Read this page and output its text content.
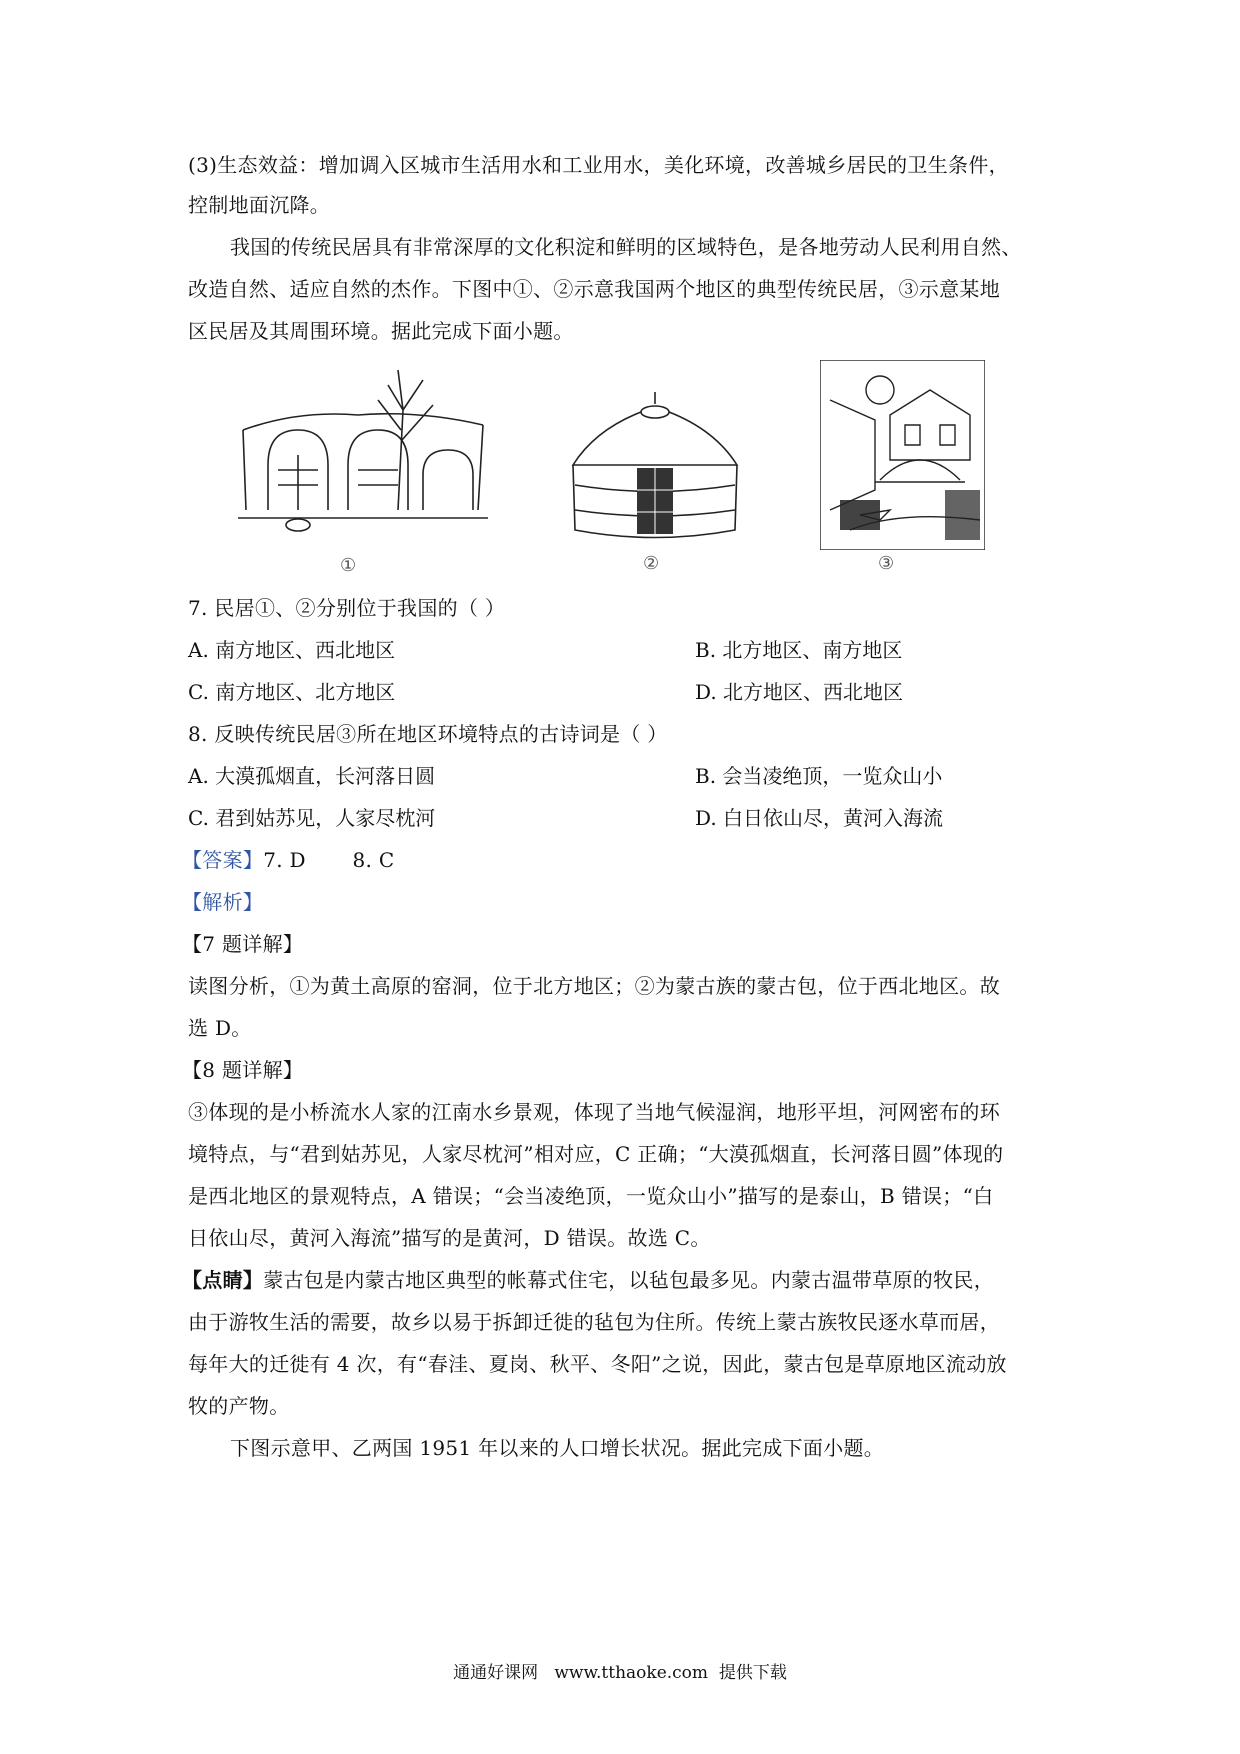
(3)生态效益：增加调入区城市生活用水和工业用水，美化环境，改善城乡居民的卫生条件，
控制地面沉降。
我国的传统民居具有非常深厚的文化积淀和鲜明的区域特色，是各地劳动人民利用自然、
改造自然、适应自然的杰作。下图中①、②示意我国两个地区的典型传统民居，③示意某地
区民居及其周围环境。据此完成下面小题。
①	②	③
7. 民居①、②分别位于我国的（ ）
A. 南方地区、西北地区	B. 北方地区、南方地区
C. 南方地区、北方地区	D. 北方地区、西北地区
8. 反映传统民居③所在地区环境特点的古诗词是（ ）
A. 大漠孤烟直，长河落日圆	B. 会当凌绝顶，一览众山小
C. 君到姑苏见，人家尽枕河	D. 白日依山尽，黄河入海流
【答案】7. D       8. C
【解析】
【7 题详解】
读图分析，①为黄土高原的窑洞，位于北方地区；②为蒙古族的蒙古包，位于西北地区。故
选 D。
【8 题详解】
③体现的是小桥流水人家的江南水乡景观，体现了当地气候湿润，地形平坦，河网密布的环
境特点，与“君到姑苏见，人家尽枕河”相对应，C 正确；“大漠孤烟直，长河落日圆”体现的
是西北地区的景观特点，A 错误；“会当凌绝顶，一览众山小”描写的是泰山，B 错误；“白
日依山尽，黄河入海流”描写的是黄河，D 错误。故选 C。
【点睛】蒙古包是内蒙古地区典型的帐幕式住宅，以毡包最多见。内蒙古温带草原的牧民，
由于游牧生活的需要，故乡以易于拆卸迁徙的毡包为住所。传统上蒙古族牧民逐水草而居，
每年大的迁徙有 4 次，有“春洼、夏岗、秋平、冬阳”之说，因此，蒙古包是草原地区流动放
牧的产物。
下图示意甲、乙两国 1951 年以来的人口增长状况。据此完成下面小题。
通通好课网   www.tthaoke.com  提供下载
